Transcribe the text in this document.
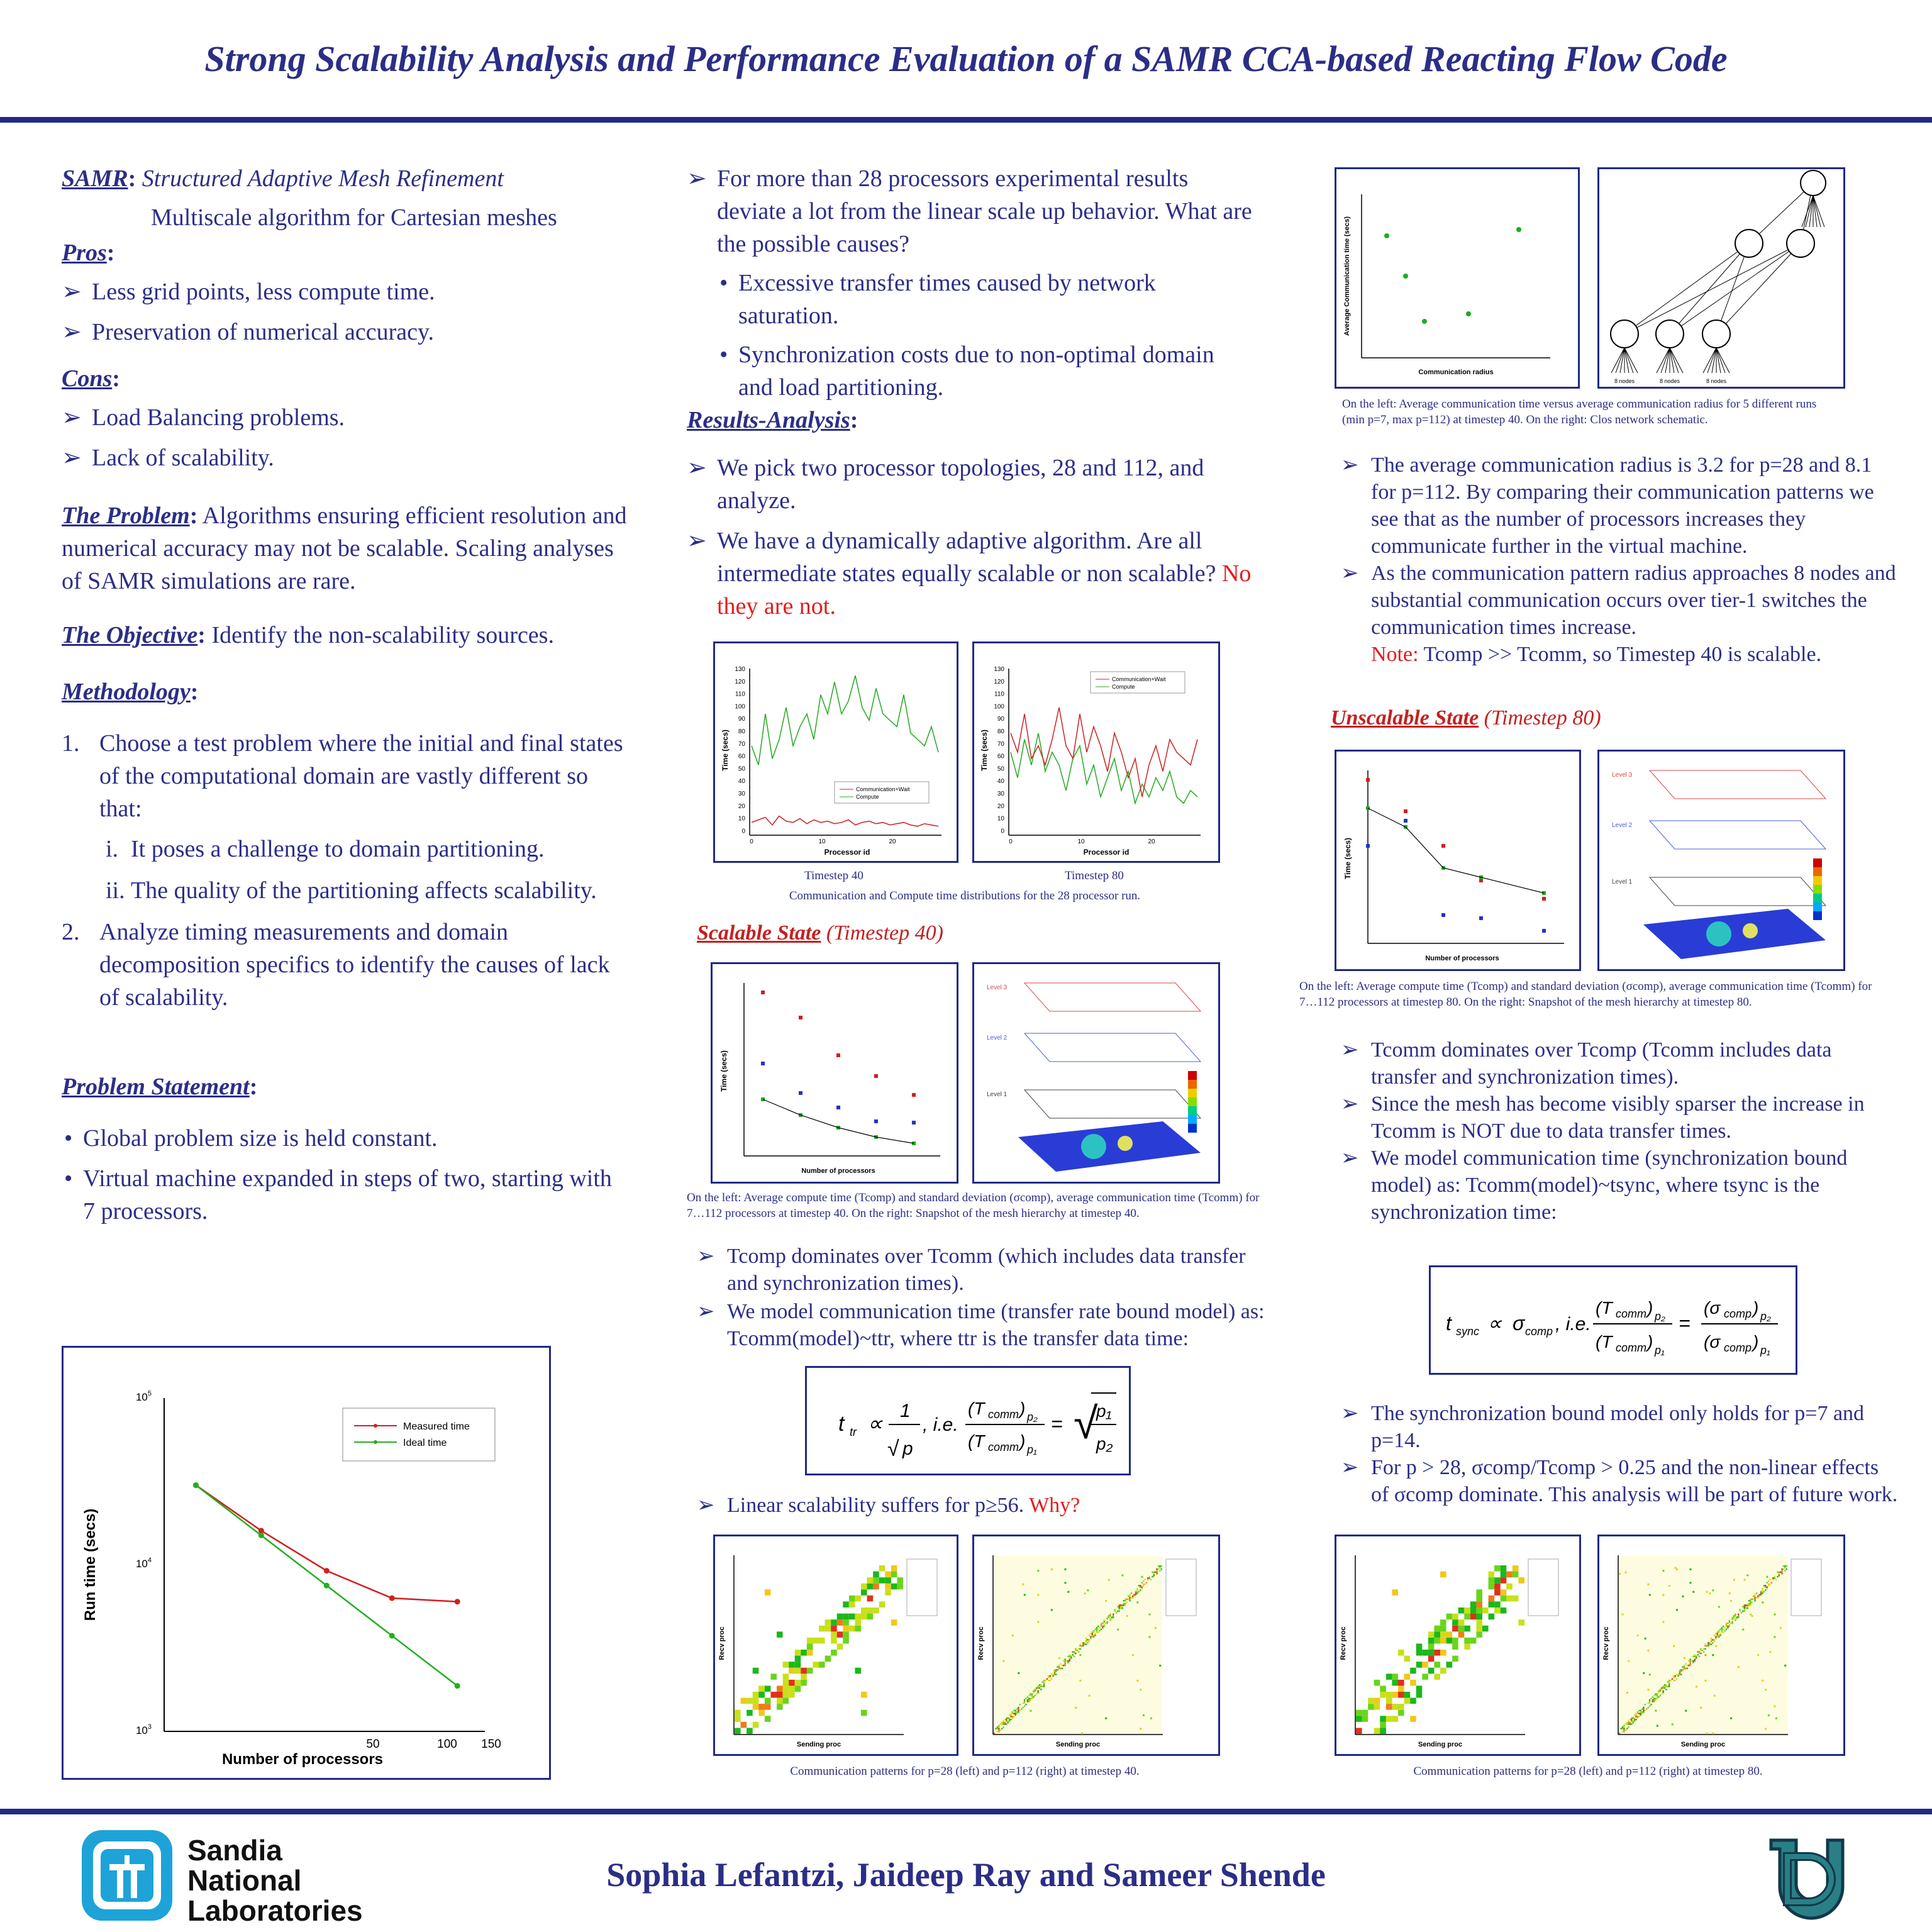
Strong Scalability Analysis and Performance Evaluation of a SAMR CCA-based Reacting Flow Code
SAMR: Structured Adaptive Mesh Refinement
Multiscale algorithm for Cartesian meshes
Pros:
➢ Less grid points, less compute time.
➢ Preservation of numerical accuracy.
Cons:
➢ Load Balancing problems.
➢ Lack of scalability.
The Problem: Algorithms ensuring efficient resolution and numerical accuracy may not be scalable. Scaling analyses of SAMR simulations are rare.
The Objective: Identify the non-scalability sources.
Methodology:
1. Choose a test problem where the initial and final states of the computational domain are vastly different so that:
i. It poses a challenge to domain partitioning.
ii. The quality of the partitioning affects scalability.
2. Analyze timing measurements and domain decomposition specifics to identify the causes of lack of scalability.
Problem Statement:
• Global problem size is held constant.
• Virtual machine expanded in steps of two, starting with 7 processors.
$10^5$
$10^4$
$10^3$
50	100 150
Number of processors
Run time (secs)
Measured time
Ideal time
➢ For more than 28 processors experimental results deviate a lot from the linear scale up behavior. What are the possible causes?
• Excessive transfer times caused by network saturation.
• Synchronization costs due to non-optimal domain and load partitioning.
Results-Analysis:
➢ We pick two processor topologies, 28 and 112, and analyze.
➢ We have a dynamically adaptive algorithm. Are all intermediate states equally scalable or non scalable? No they are not.
130
120
110
100
90
80
70
60
50
40
30
20
10
0
0	10	20
Communication+Wait
Compute
Processor id
Time (secs)
130
120
110
100
90
80
70
60
50
40
30
20
10
0
0	10	20
Communication+Wait
Compute
Processor id
Time (secs)
Timestep 40	Timestep 80
Communication and Compute time distributions for the 28 processor run.
Scalable State (Timestep 40)
Number of processors
Time (secs)
Level 3
Level 2
Level 1
On the left: Average compute time (Tcomp) and standard deviation (σcomp), average communication time (Tcomm) for 7…112 processors at timestep 40. On the right: Snapshot of the mesh hierarchy at timestep 40.
➢ Tcomp dominates over Tcomm (which includes data transfer and synchronization times).
➢ We model communication time (transfer rate bound model) as: Tcomm(model)~ttr, where ttr is the transfer data time:
t tr ∝
1
√ p
, i.e.
(T comm ) p₂
(T comm ) p₁
= √
p₁
p₂
➢ Linear scalability suffers for p≥56. Why?
Sending proc
Recv proc
Sending proc
Recv proc
Communication patterns for p=28 (left) and p=112 (right) at timestep 40.
Communication radius
Average Communication time (secs)
8 nodes	8 nodes	8 nodes
On the left: Average communication time versus average communication radius for 5 different runs (min p=7, max p=112) at timestep 40. On the right: Clos network schematic.
➢ The average communication radius is 3.2 for p=28 and 8.1 for p=112. By comparing their communication patterns we see that as the number of processors increases they communicate further in the virtual machine.
➢ As the communication pattern radius approaches 8 nodes and substantial communication occurs over tier-1 switches the communication times increase.
Note: Tcomp >> Tcomm, so Timestep 40 is scalable.
Unscalable State (Timestep 80)
Number of processors
Time (secs)
Level 3
Level 2
Level 1
On the left: Average compute time (Tcomp) and standard deviation (σcomp), average communication time (Tcomm) for 7…112 processors at timestep 80. On the right: Snapshot of the mesh hierarchy at timestep 80.
➢ Tcomm dominates over Tcomp (Tcomm includes data transfer and synchronization times).
➢ Since the mesh has become visibly sparser the increase in Tcomm is NOT due to data transfer times.
➢ We model communication time (synchronization bound model) as: Tcomm(model)~tsync, where tsync is the synchronization time:
t sync ∝ σ comp , i.e.
(T comm ) p₂
(T comm ) p₁
=
(σ comp ) p₂
(σ comp ) p₁
➢ The synchronization bound model only holds for p=7 and p=14.
➢ For p > 28, σcomp/Tcomp > 0.25 and the non-linear effects of σcomp dominate. This analysis will be part of future work.
Sending proc
Recv proc
Sending proc
Recv proc
Communication patterns for p=28 (left) and p=112 (right) at timestep 80.
Sandia
National
Laboratories
Sophia Lefantzi, Jaideep Ray and Sameer Shende
